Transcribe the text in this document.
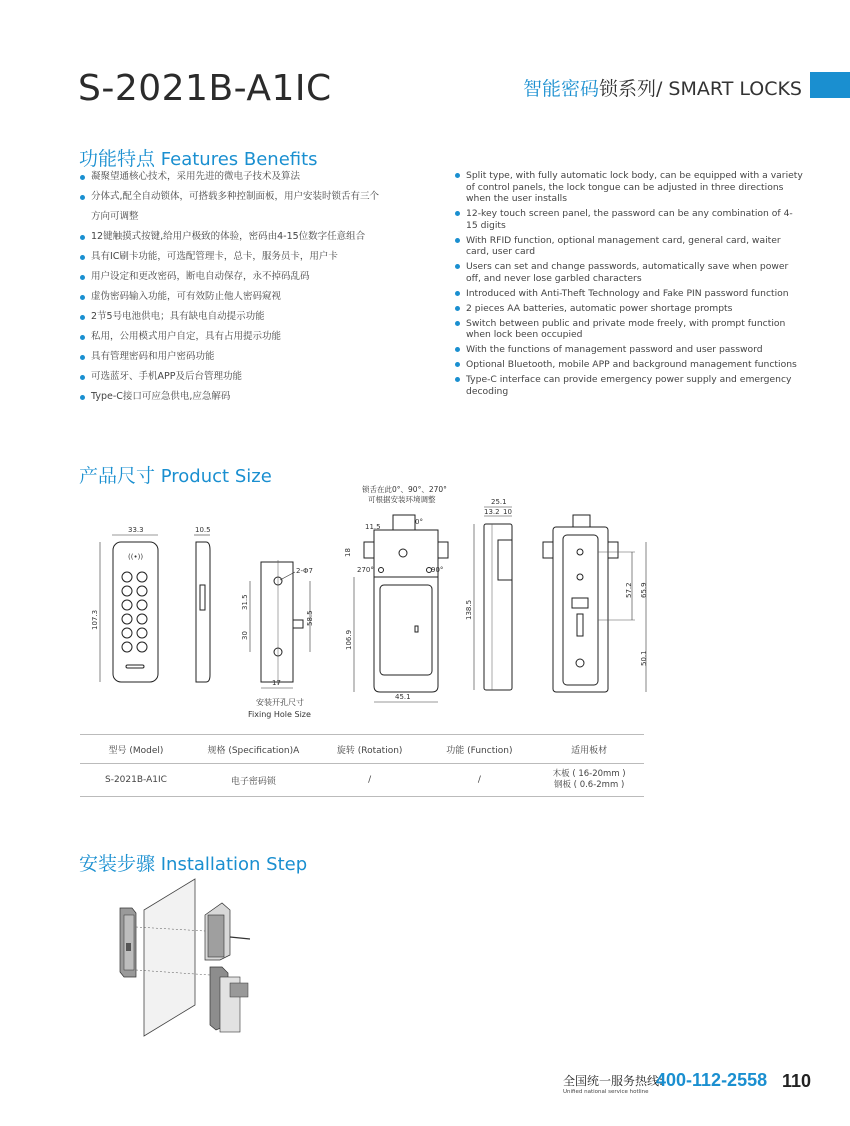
S-2021B-A1IC	智能密码锁系列/ SMART LOCKS
功能特点 Features Benefits
凝聚望通核心技术，采用先进的微电子技术及算法
分体式,配全自动锁体，可搭载多种控制面板，用户安装时锁舌有三个
方向可调整
12键触摸式按键,给用户极致的体验，密码由4-15位数字任意组合
具有IC刷卡功能，可选配管理卡，总卡，服务员卡，用户卡
用户设定和更改密码，断电自动保存，永不掉码乱码
虚伪密码输入功能，可有效防止他人密码窥视
2节5号电池供电；具有缺电自动提示功能
私用，公用模式用户自定，具有占用提示功能
具有管理密码和用户密码功能
可选蓝牙、手机APP及后台管理功能
Type-C接口可应急供电,应急解码
Split type, with fully automatic lock body, can be equipped with a variety of control panels, the lock tongue can be adjusted in three directions when the user installs
12-key touch screen panel, the password can be any combination of 4-15 digits
With RFID function, optional management card, general card, waiter card, user card
Users can set and change passwords, automatically save when power off, and never lose garbled characters
Introduced with Anti-Theft Technology and Fake PIN password function
2 pieces AA batteries, automatic power shortage prompts
Switch between public and private mode freely, with prompt function when lock been occupied
With the functions of management password and user password
Optional Bluetooth, mobile APP and background management functions
Type-C interface can provide emergency power supply and emergency decoding
产品尺寸 Product Size
33.3
107.3
((•))
10.5
2-Φ7
31.5
30
58.5
17
安装开孔尺寸
Fixing Hole Size
锁舌在此0°、90°、270°
可根据安装环境调整
11.5
0°
18
270°	90°
106.9
45.1
25.1
13.2 10
138.5
57.2 65.9
50.1
型号 (Model)	规格 (Specification)A	旋转 (Rotation)	功能 (Function)	适用板材
S-2021B-A1IC	电子密码锁	/	/	木板 ( 16-20mm )
钢板 ( 0.6-2mm )
安装步骤 Installation Step
全国统一服务热线:
Unified national service hotline
400-112-2558 110
